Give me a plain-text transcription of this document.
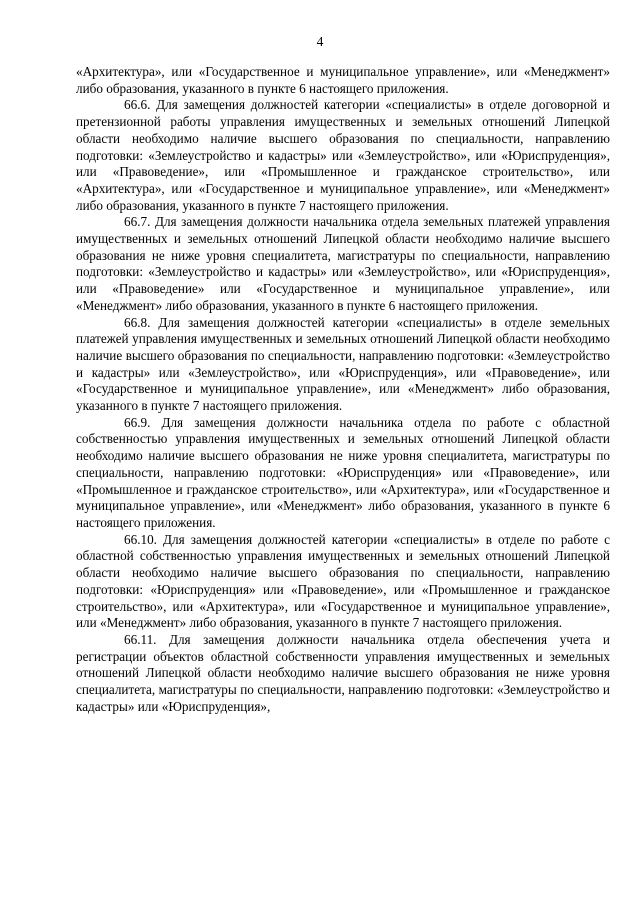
4

«Архитектура», или «Государственное и муниципальное управление», или «Менеджмент» либо образования, указанного в пункте 6 настоящего приложения.

66.6. Для замещения должностей категории «специалисты» в отделе договорной и претензионной работы управления имущественных и земельных отношений Липецкой области необходимо наличие высшего образования по специальности, направлению подготовки: «Землеустройство и кадастры» или «Землеустройство», или «Юриспруденция», или «Правоведение», или «Промышленное и гражданское строительство», или «Архитектура», или «Государственное и муниципальное управление», или «Менеджмент» либо образования, указанного в пункте 7 настоящего приложения.

66.7. Для замещения должности начальника отдела земельных платежей управления имущественных и земельных отношений Липецкой области необходимо наличие высшего образования не ниже уровня специалитета, магистратуры по специальности, направлению подготовки: «Землеустройство и кадастры» или «Землеустройство», или «Юриспруденция», или «Правоведение» или «Государственное и муниципальное управление», или «Менеджмент» либо образования, указанного в пункте 6 настоящего приложения.

66.8. Для замещения должностей категории «специалисты» в отделе земельных платежей управления имущественных и земельных отношений Липецкой области необходимо наличие высшего образования по специальности, направлению подготовки: «Землеустройство и кадастры» или «Землеустройство», или «Юриспруденция», или «Правоведение», или «Государственное и муниципальное управление», или «Менеджмент» либо образования, указанного в пункте 7 настоящего приложения.

66.9. Для замещения должности начальника отдела по работе с областной собственностью управления имущественных и земельных отношений Липецкой области необходимо наличие высшего образования не ниже уровня специалитета, магистратуры по специальности, направлению подготовки: «Юриспруденция» или «Правоведение», или «Промышленное и гражданское строительство», или «Архитектура», или «Государственное и муниципальное управление», или «Менеджмент» либо образования, указанного в пункте 6 настоящего приложения.

66.10. Для замещения должностей категории «специалисты» в отделе по работе с областной собственностью управления имущественных и земельных отношений Липецкой области необходимо наличие высшего образования по специальности, направлению подготовки: «Юриспруденция» или «Правоведение», или «Промышленное и гражданское строительство», или «Архитектура», или «Государственное и муниципальное управление», или «Менеджмент» либо образования, указанного в пункте 7 настоящего приложения.

66.11. Для замещения должности начальника отдела обеспечения учета и регистрации объектов областной собственности управления имущественных и земельных отношений Липецкой области необходимо наличие высшего образования не ниже уровня специалитета, магистратуры по специальности, направлению подготовки: «Землеустройство и кадастры» или «Юриспруденция»,
